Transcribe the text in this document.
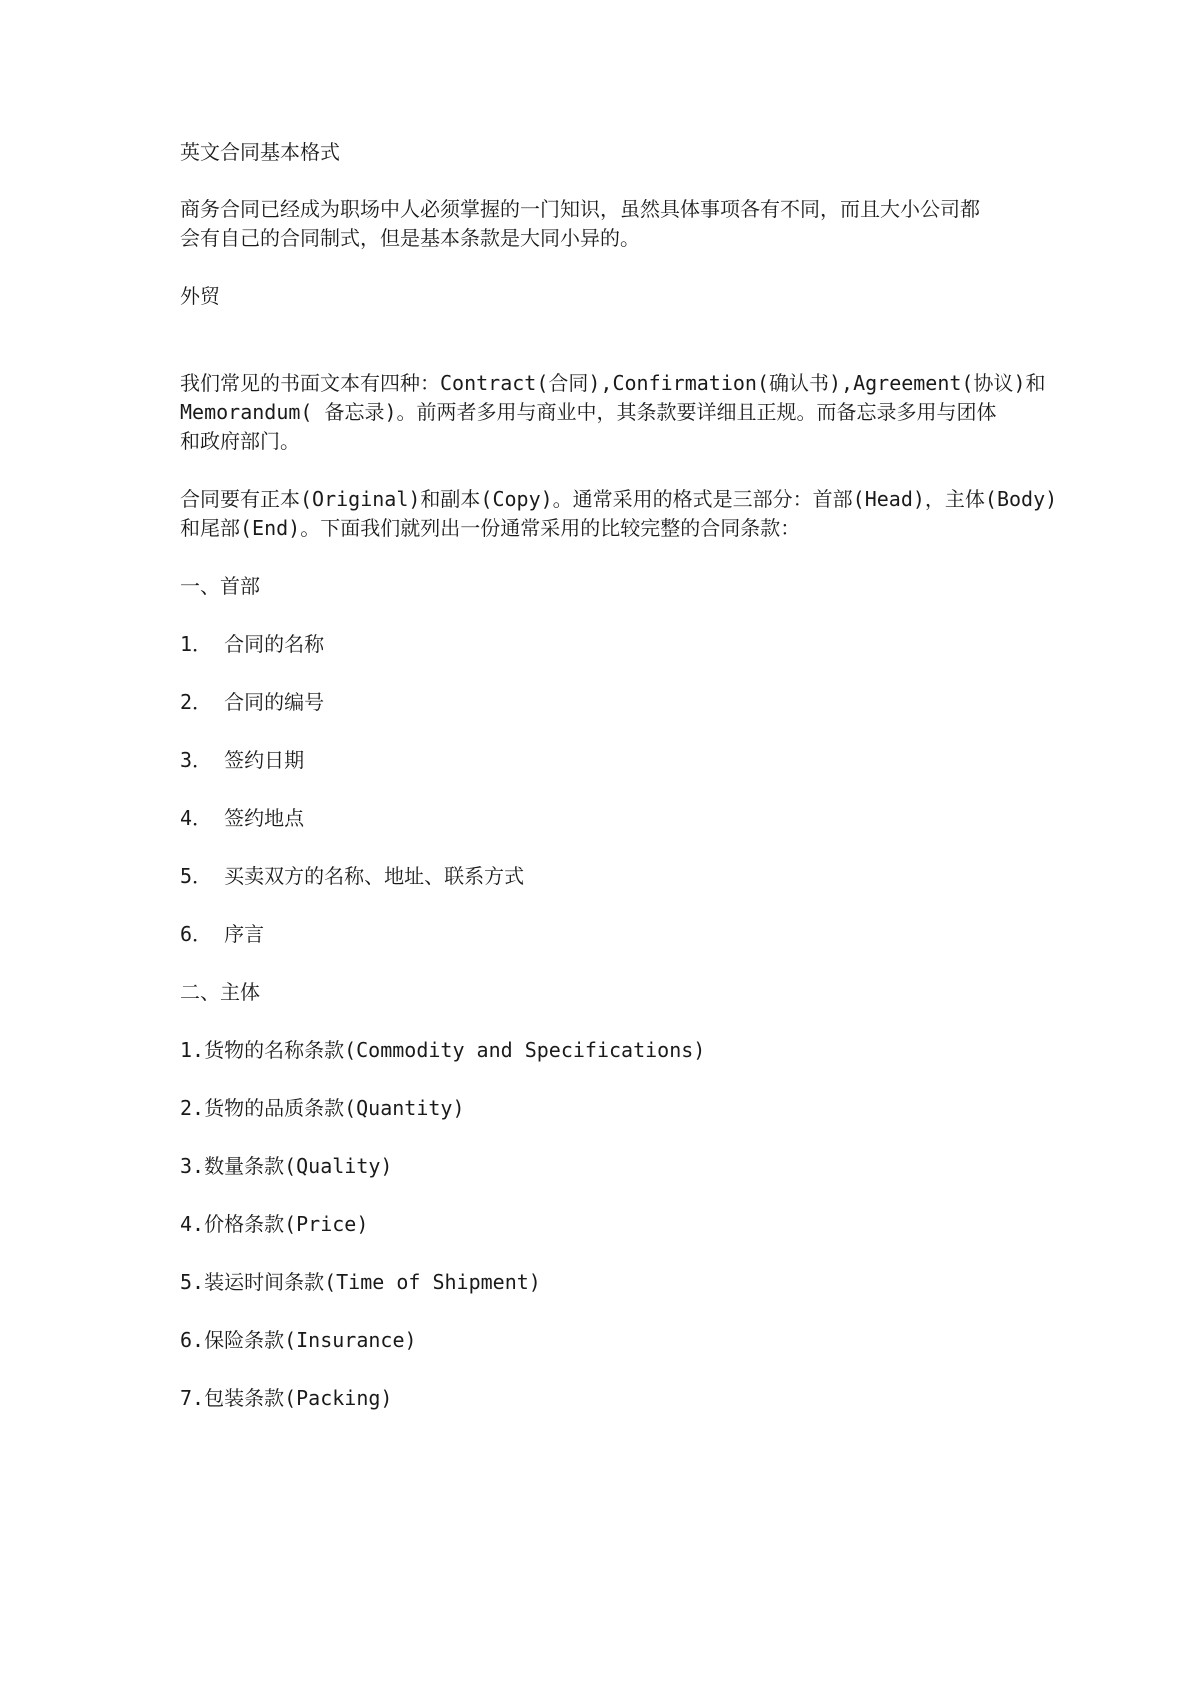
英文合同基本格式

商务合同已经成为职场中人必须掌握的一门知识，虽然具体事项各有不同，而且大小公司都

会有自己的合同制式，但是基本条款是大同小异的。

外贸

我们常见的书面文本有四种：Contract(合同),Confirmation(确认书),Agreement(协议)和

Memorandum( 备忘录)。前两者多用与商业中，其条款要详细且正规。而备忘录多用与团体

和政府部门。

合同要有正本(Original)和副本(Copy)。通常采用的格式是三部分：首部(Head)，主体(Body)

和尾部(End)。下面我们就列出一份通常采用的比较完整的合同条款：

一、首部

1． 合同的名称

2． 合同的编号

3． 签约日期

4． 签约地点

5． 买卖双方的名称、地址、联系方式

6． 序言

二、主体

1.货物的名称条款(Commodity and Specifications)

2.货物的品质条款(Quantity)

3.数量条款(Quality)

4.价格条款(Price)

5.装运时间条款(Time of Shipment)

6.保险条款(Insurance)

7.包装条款(Packing)
